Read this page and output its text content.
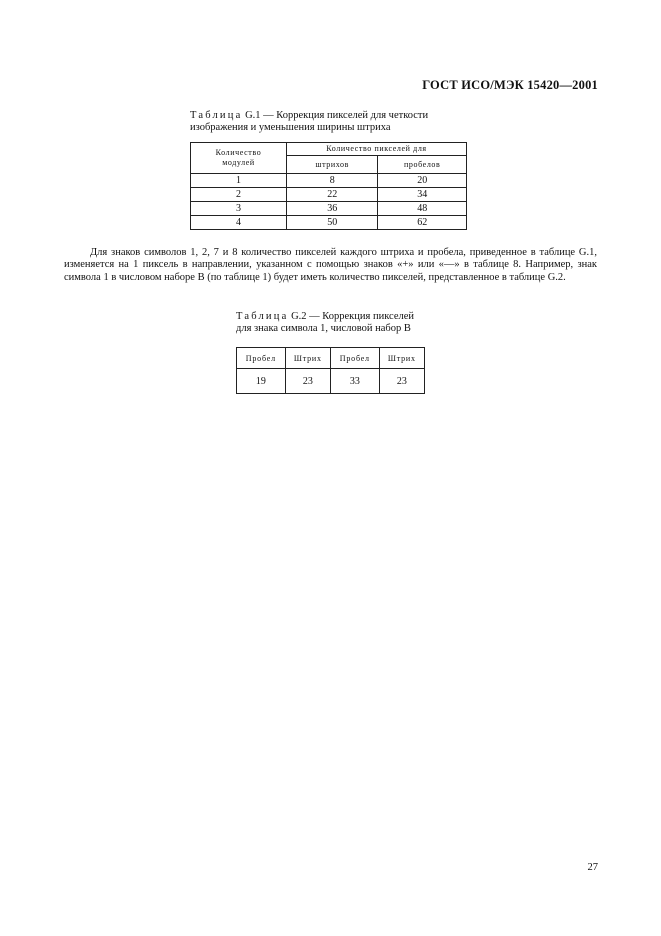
ГОСТ ИСО/МЭК 15420—2001
Таблица G.1 — Коррекция пикселей для четкости изображения и уменьшения ширины штриха
Количество модулей	Количество пикселей для	
	штрихов	пробелов
1	8	20
2	22	34
3	36	48
4	50	62

Для знаков символов 1, 2, 7 и 8 количество пикселей каждого штриха и пробела, приведенное в таблице G.1, изменяется на 1 пиксель в направлении, указанном с помощью знаков «+» или «—» в таблице 8. Например, знак символа 1 в числовом наборе B (по таблице 1) будет иметь количество пикселей, представленное в таблице G.2.

Таблица G.2 — Коррекция пикселей для знака символа 1, числовой набор B
Пробел	Штрих	Пробел	Штрих
19	23	33	23
27
